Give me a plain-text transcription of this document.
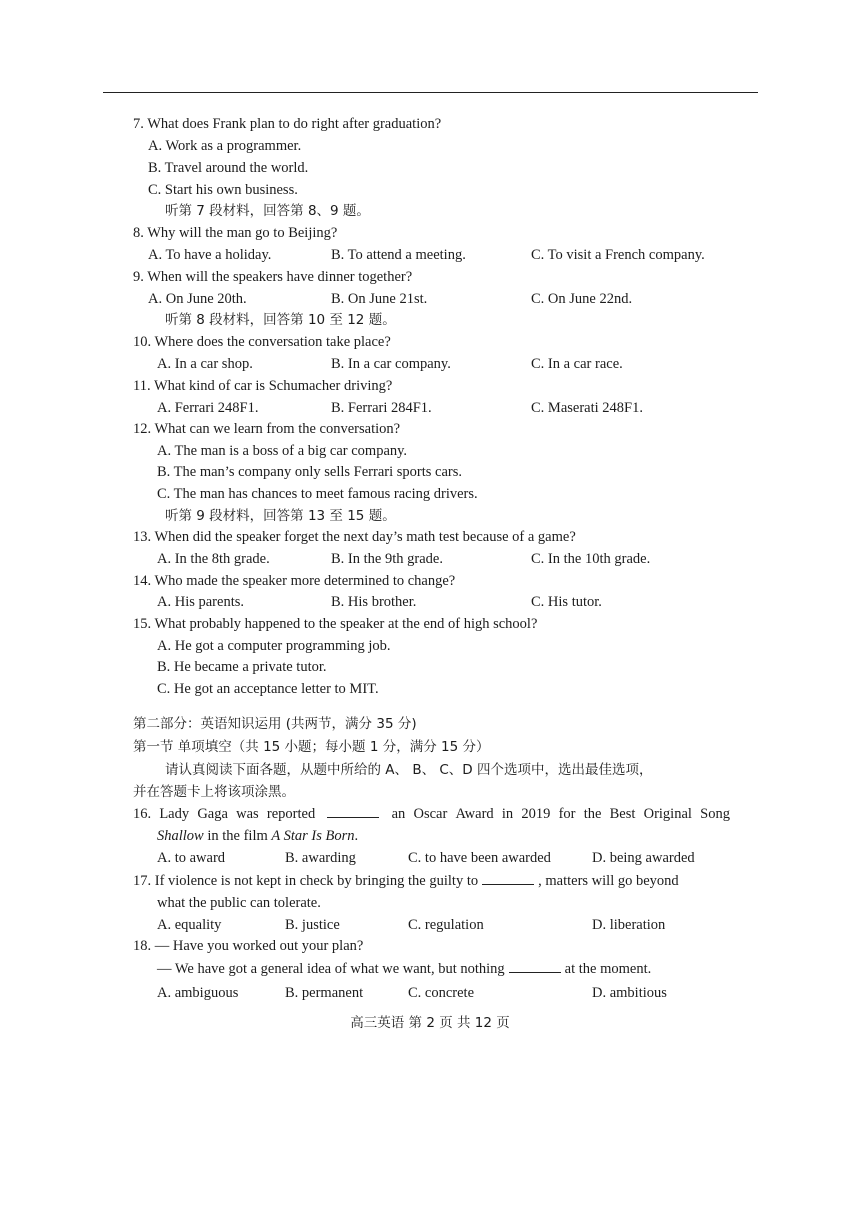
7. What does Frank plan to do right after graduation?
A. Work as a programmer.
B. Travel around the world.
C. Start his own business.
听第 7 段材料，回答第 8、9 题。
8. Why will the man go to Beijing?
A. To have a holiday.	B. To attend a meeting.	C. To visit a French company.
9. When will the speakers have dinner together?
A. On June 20th.	B. On June 21st.	C. On June 22nd.
听第 8 段材料，回答第 10 至 12 题。
10. Where does the conversation take place?
A. In a car shop.	B. In a car company.	C. In a car race.
11. What kind of car is Schumacher driving?
A. Ferrari 248F1.	B. Ferrari 284F1.	C. Maserati 248F1.
12. What can we learn from the conversation?
A. The man is a boss of a big car company.
B. The man’s company only sells Ferrari sports cars.
C. The man has chances to meet famous racing drivers.
听第 9 段材料，回答第 13 至 15 题。
13. When did the speaker forget the next day’s math test because of a game?
A. In the 8th grade.	B. In the 9th grade.	C. In the 10th grade.
14. Who made the speaker more determined to change?
A. His parents.	B. His brother.	C. His tutor.
15. What probably happened to the speaker at the end of high school?
A. He got a computer programming job.
B. He became a private tutor.
C. He got an acceptance letter to MIT.
第二部分：英语知识运用 (共两节，满分 35 分)
第一节 单项填空（共 15 小题；每小题 1 分，满分 15 分）
请认真阅读下面各题，从题中所给的 A、 B、 C、D 四个选项中，选出最佳选项，
并在答题卡上将该项涂黑。
16. Lady Gaga was reported	an Oscar Award in 2019 for the Best Original Song
Shallow in the film A Star Is Born.
A. to award	B. awarding	C. to have been awarded	D. being awarded
17. If violence is not kept in check by bringing the guilty to	, matters will go beyond
what the public can tolerate.
A. equality	B. justice	C. regulation	D. liberation
18. — Have you worked out your plan?
— We have got a general idea of what we want, but nothing	at the moment.
A. ambiguous	B. permanent	C. concrete	D. ambitious
高三英语 第 2 页 共 12 页
